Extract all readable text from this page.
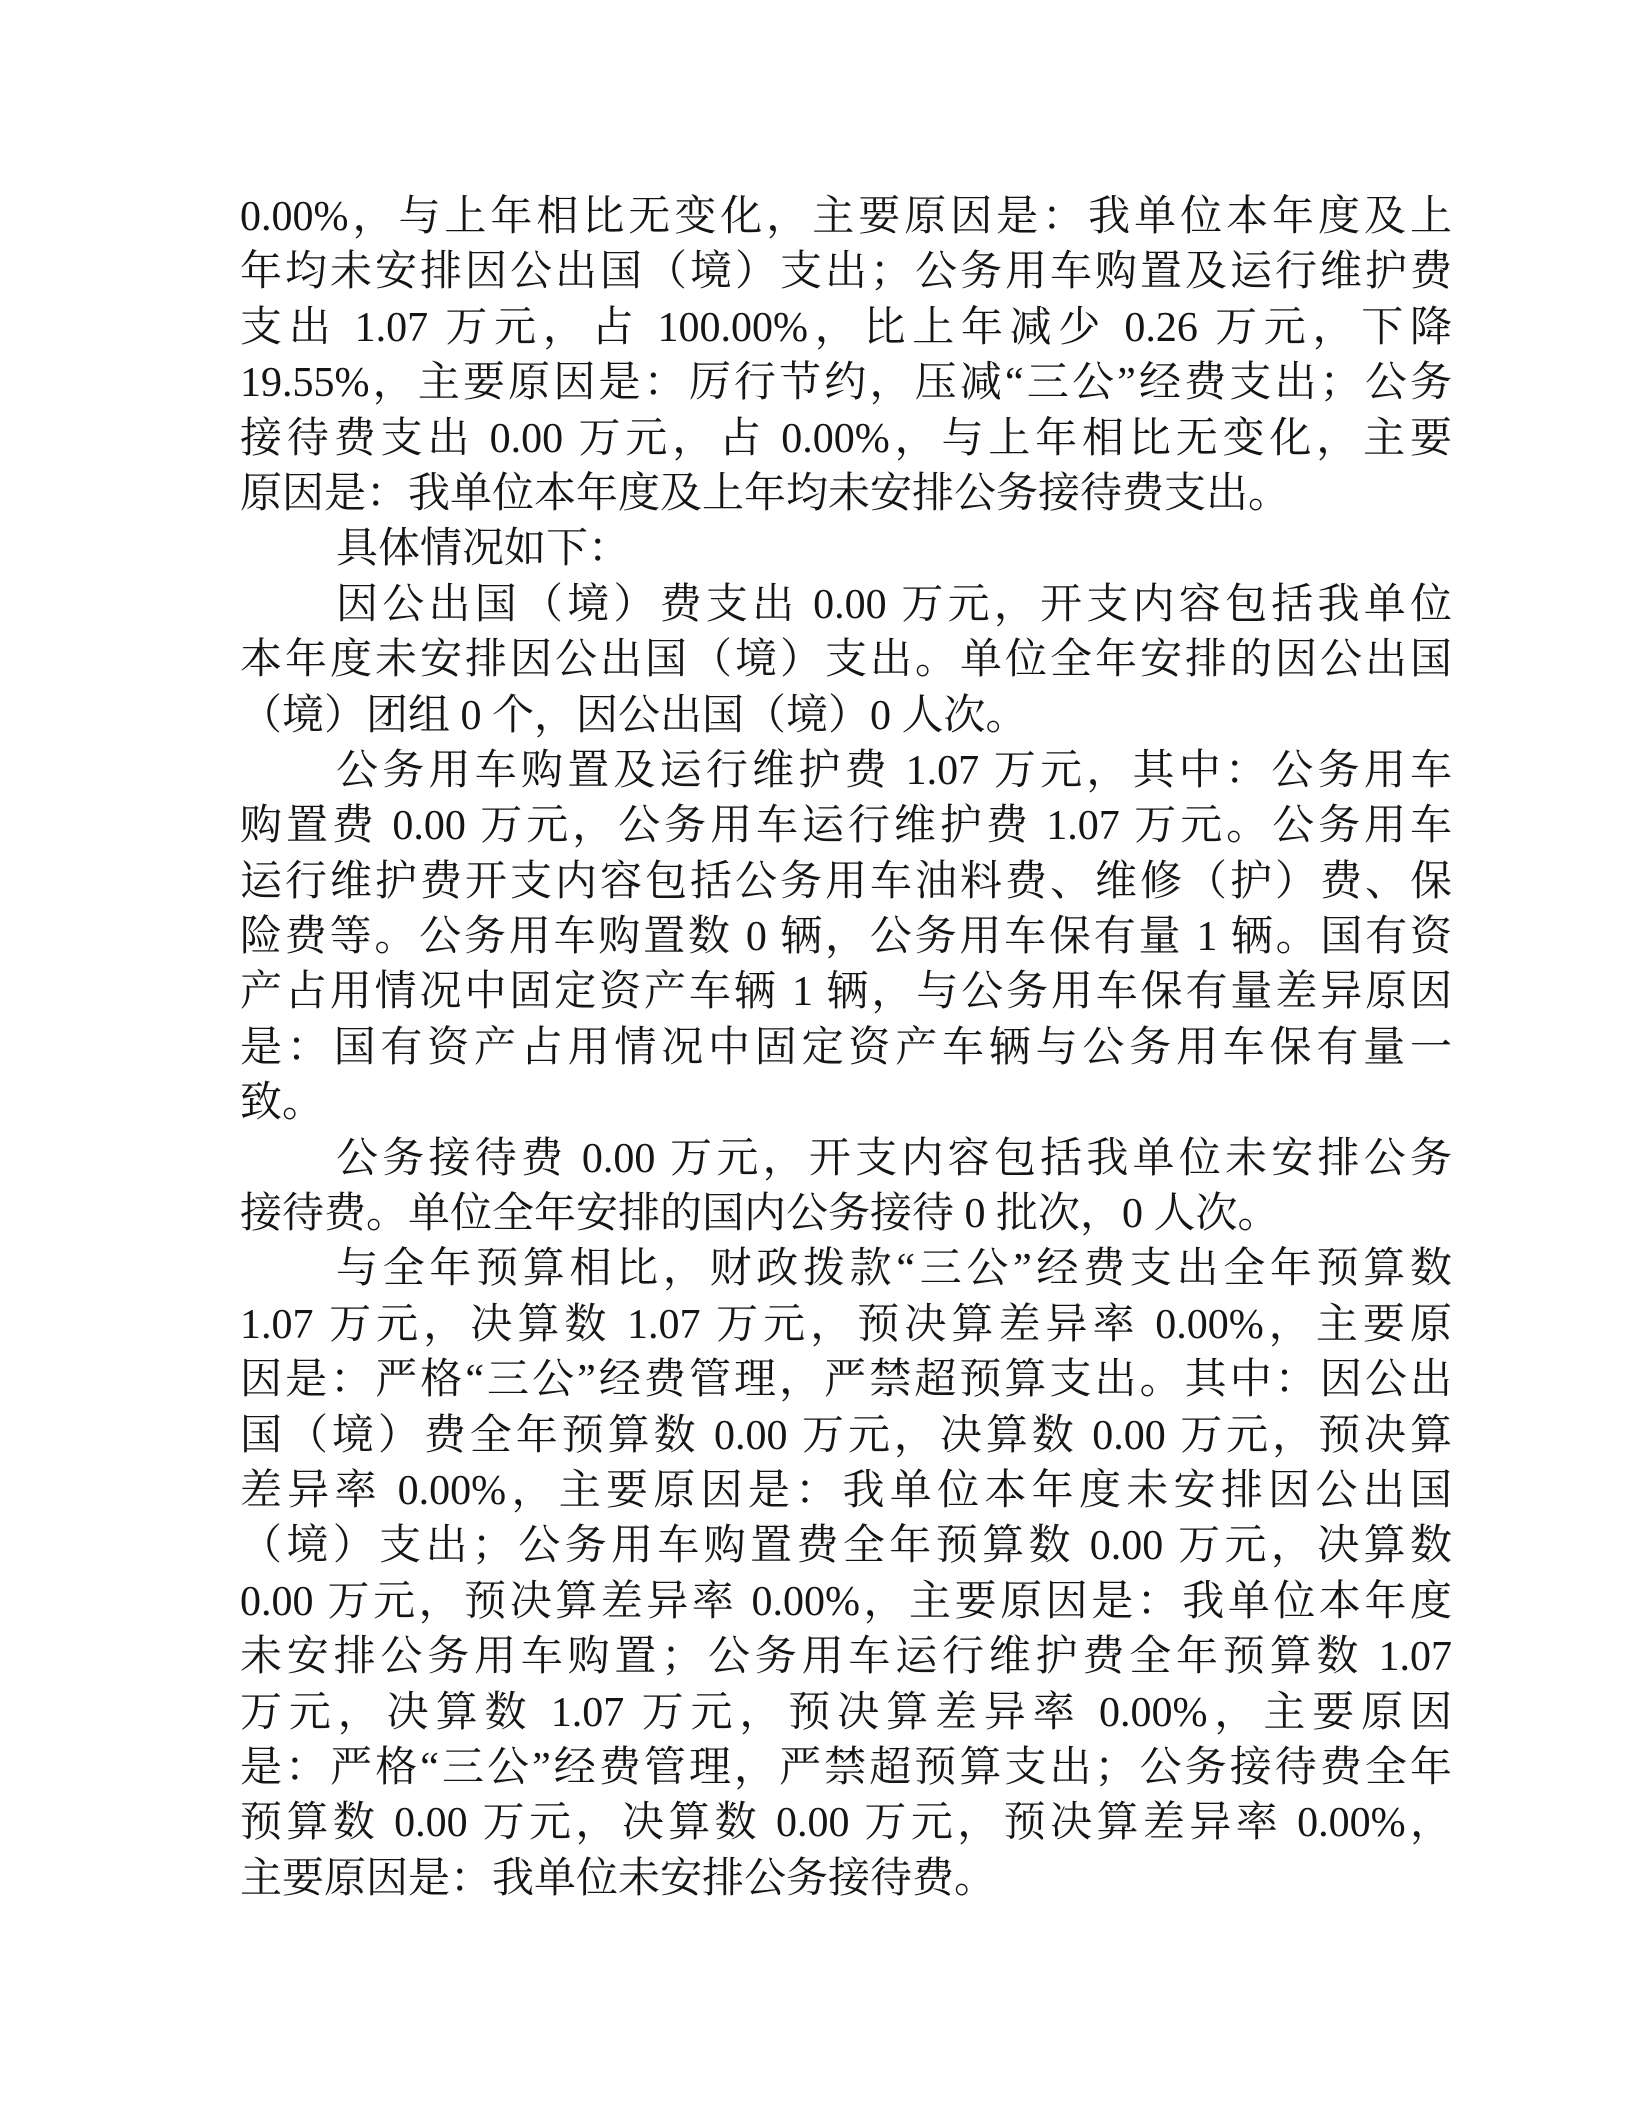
0.00%，与上年相比无变化，主要原因是：我单位本年度及上
年均未安排因公出国（境）支出；公务用车购置及运行维护费
支出 1.07 万元，占 100.00%，比上年减少 0.26 万元，下降
19.55%，主要原因是：厉行节约，压减“三公”经费支出；公务
接待费支出 0.00 万元，占 0.00%，与上年相比无变化，主要
原因是：我单位本年度及上年均未安排公务接待费支出。
具体情况如下：
因公出国（境）费支出 0.00 万元，开支内容包括我单位
本年度未安排因公出国（境）支出。单位全年安排的因公出国
（境）团组 0 个，因公出国（境）0 人次。
公务用车购置及运行维护费 1.07 万元，其中：公务用车
购置费 0.00 万元，公务用车运行维护费 1.07 万元。公务用车
运行维护费开支内容包括公务用车油料费、维修（护）费、保
险费等。公务用车购置数 0 辆，公务用车保有量 1 辆。国有资
产占用情况中固定资产车辆 1 辆，与公务用车保有量差异原因
是：国有资产占用情况中固定资产车辆与公务用车保有量一
致。
公务接待费 0.00 万元，开支内容包括我单位未安排公务
接待费。单位全年安排的国内公务接待 0 批次，0 人次。
与全年预算相比，财政拨款“三公”经费支出全年预算数
1.07 万元，决算数 1.07 万元，预决算差异率 0.00%，主要原
因是：严格“三公”经费管理，严禁超预算支出。其中：因公出
国（境）费全年预算数 0.00 万元，决算数 0.00 万元，预决算
差异率 0.00%，主要原因是：我单位本年度未安排因公出国
（境）支出；公务用车购置费全年预算数 0.00 万元，决算数
0.00 万元，预决算差异率 0.00%，主要原因是：我单位本年度
未安排公务用车购置；公务用车运行维护费全年预算数 1.07
万元，决算数 1.07 万元，预决算差异率 0.00%，主要原因
是：严格“三公”经费管理，严禁超预算支出；公务接待费全年
预算数 0.00 万元，决算数 0.00 万元，预决算差异率 0.00%，
主要原因是：我单位未安排公务接待费。
